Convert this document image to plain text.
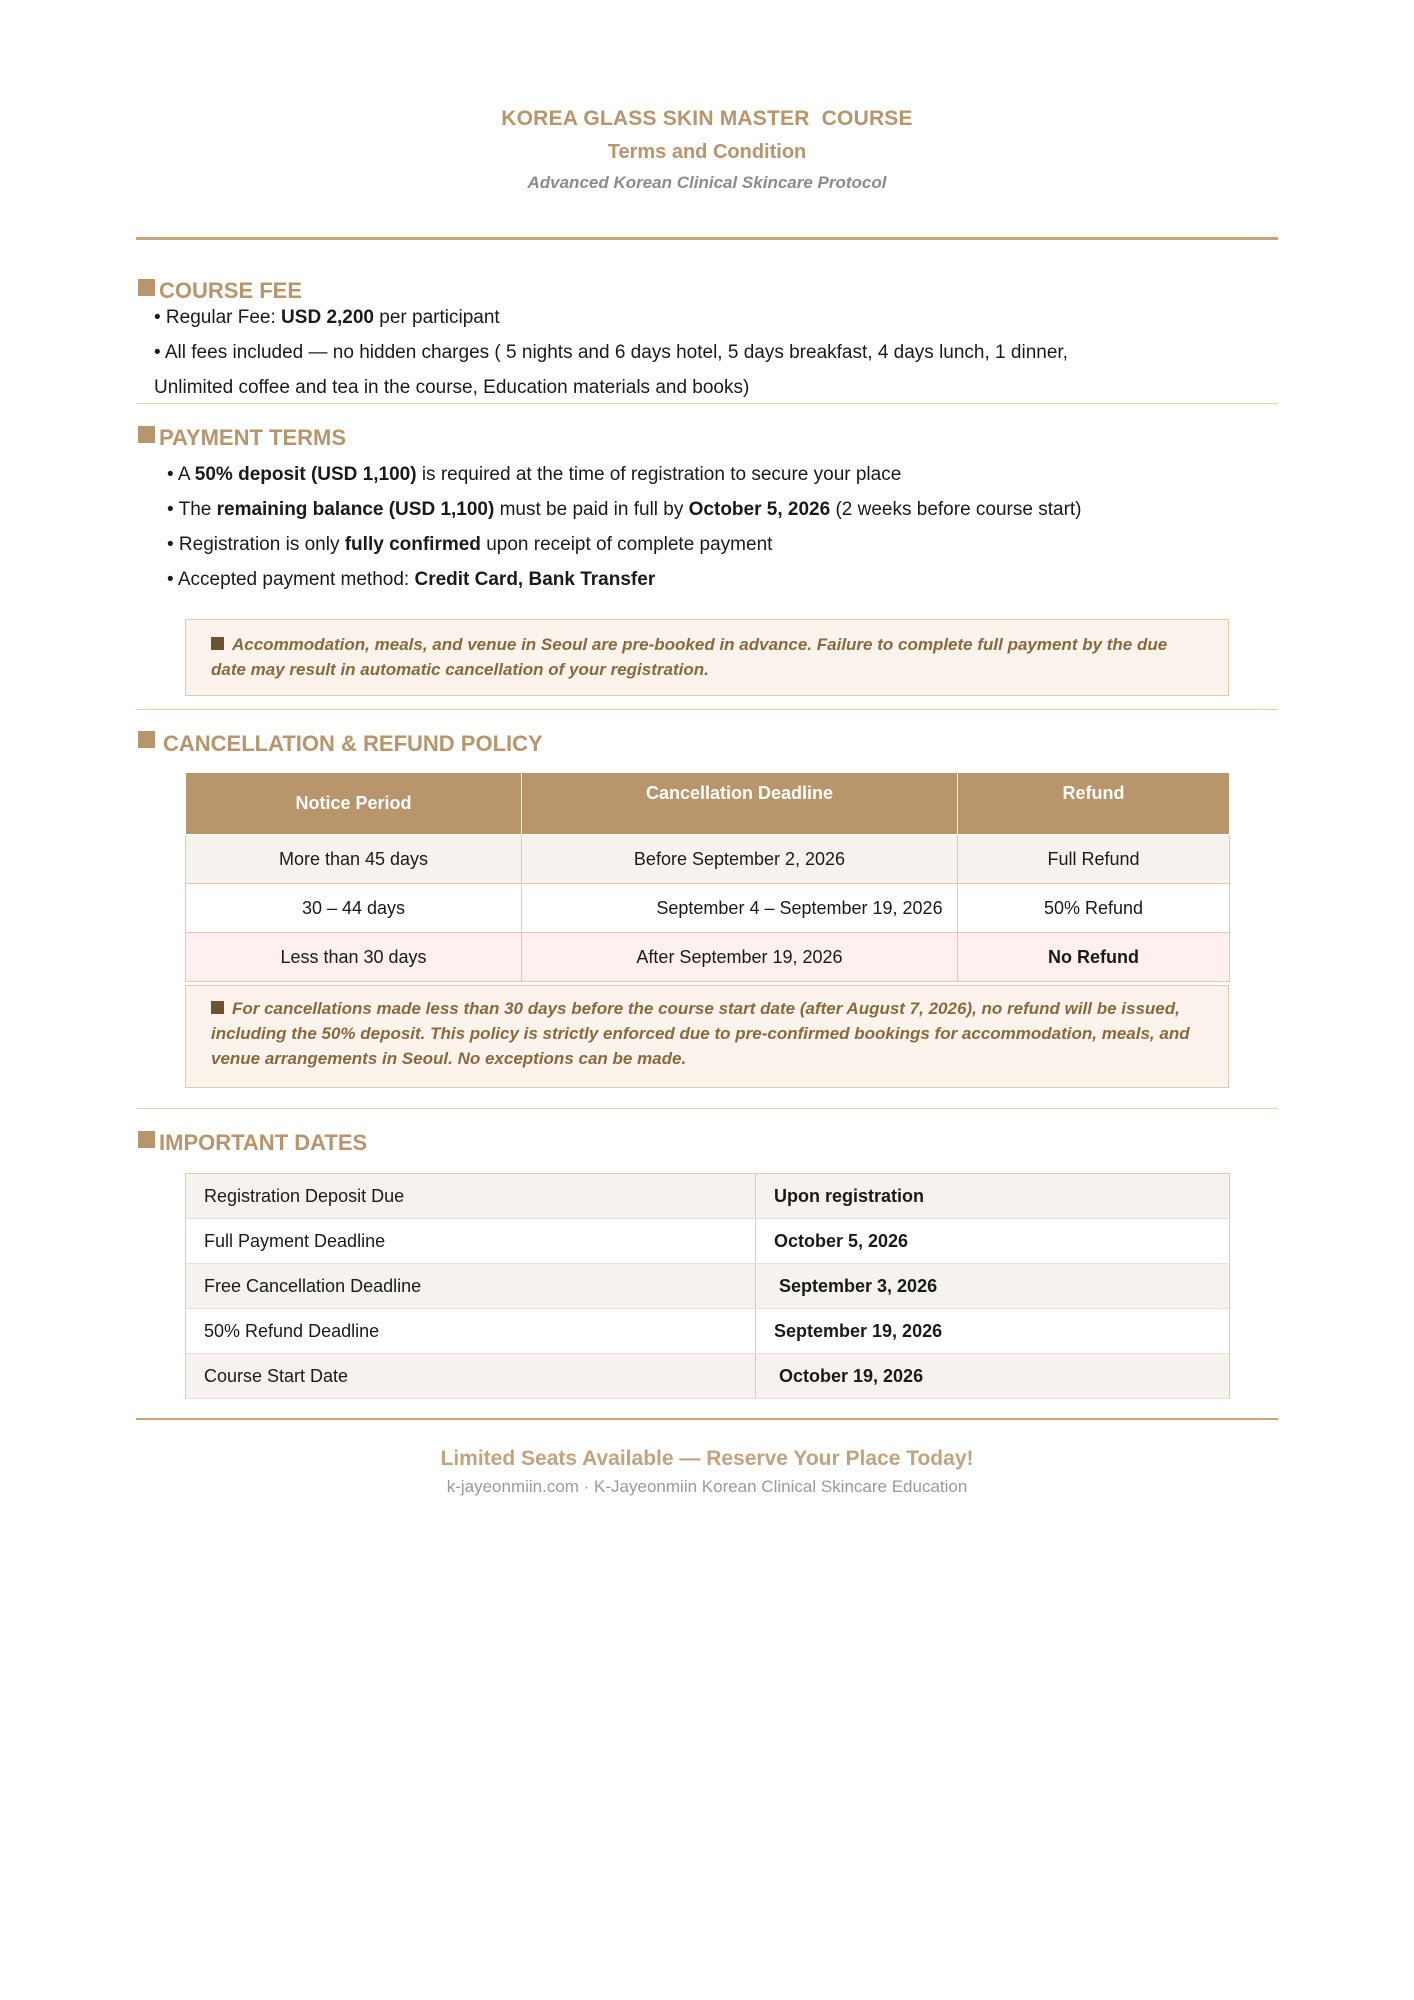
KOREA GLASS SKIN MASTER  COURSE
Terms and Condition
Advanced Korean Clinical Skincare Protocol
COURSE FEE
• Regular Fee: USD 2,200 per participant
• All fees included — no hidden charges ( 5 nights and 6 days hotel, 5 days breakfast, 4 days lunch, 1 dinner,
Unlimited coffee and tea in the course, Education materials and books)
PAYMENT TERMS
• A 50% deposit (USD 1,100) is required at the time of registration to secure your place
• The remaining balance (USD 1,100) must be paid in full by October 5, 2026 (2 weeks before course start)
• Registration is only fully confirmed upon receipt of complete payment
• Accepted payment method: Credit Card, Bank Transfer
Accommodation, meals, and venue in Seoul are pre-booked in advance. Failure to complete full payment by the due date may result in automatic cancellation of your registration.
CANCELLATION & REFUND POLICY
Notice Period	Cancellation Deadline	Refund
More than 45 days	Before September 2, 2026	Full Refund
30 – 44 days	September 4 – September 19, 2026	50% Refund
Less than 30 days	After September 19, 2026	No Refund
For cancellations made less than 30 days before the course start date (after August 7, 2026), no refund will be issued, including the 50% deposit. This policy is strictly enforced due to pre-confirmed bookings for accommodation, meals, and venue arrangements in Seoul. No exceptions can be made.
IMPORTANT DATES
Registration Deposit Due	Upon registration
Full Payment Deadline	October 5, 2026
Free Cancellation Deadline	September 3, 2026
50% Refund Deadline	September 19, 2026
Course Start Date	October 19, 2026
Limited Seats Available — Reserve Your Place Today!
k-jayeonmiin.com · K-Jayeonmiin Korean Clinical Skincare Education
